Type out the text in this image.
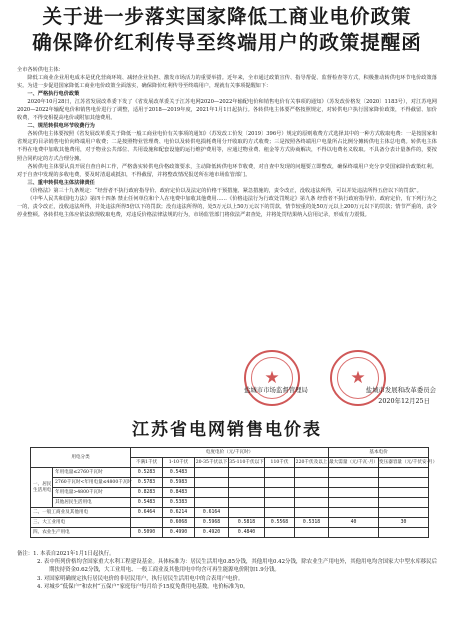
关于进一步落实国家降低工商业电价政策
确保降价红利传导至终端用户的政策提醒函

全市各转供电主体：

降低工商业企业用电成本是优化营商环境、减轻企业负担、激发市场活力的重要举措。近年来，全市通过政策宣传、指导帮促、监督检查等方式，积极推动转供电环节电价政策落实。为进一步促进国家降低工商业电价政策全面落实，确保降价红利传导至终端用户，现就有关事项提醒如下：

一、严格执行电价政策

2020年10月28日，江苏省发展改革委下发了《省发展改革委关于江苏电网2020—2022年输配电价和销售电价有关事项的通知》（苏发改价格发〔2020〕1183号），对江苏电网2020—2022年输配电价和销售电价进行了调整，适用于2018—2019年度，2021年1月1日起执行。各转供电主体要严格按照规定，对转供电户执行国家降价政策，不得截留、加价收费，不得变相提高电价或附加其他费用。

二、规范转供电环节收费行为

各转供电主体要按照《省发展改革委关于降低一般工商业电价有关事项的通知》（苏发改工价发〔2019〕396号）规定的原则收费方式选择其中的一种方式收取电费：一是按国家和省规定的目录销售电价向终端用户收费；二是按照物业管理费、电价以及转供电损耗费用分开收取的方式收费；三是按照各终端用户电量所占比例分摊转供电主体总电费。转供电主体不得在电费中加收其他费用，对于物业公共部位、共用设施和配套设施的运行维护费用等，应通过物业费、租金等方式协商解决，不得以电费名义收取。不具备分表计量条件的，要按照合同约定的方式合理分摊。

各转供电主体要认真开展自查自纠工作，严格落实转供电价格政策要求，主动降低转供电环节收费，对自查中发现的问题要立即整改，确保终端用户充分享受国家降价政策红利。对于自查中发现的多收电费，要及时清退或抵扣，不得截留，并将整改情况报送所在地市场监管部门。

三、重申转供电主体法律责任

《价格法》第三十九条规定：“经营者不执行政府指导价、政府定价以及法定的价格干预措施、紧急措施的，责令改正，没收违法所得，可以并处违法所得五倍以下的罚款”。

《中华人民共和国电力法》第四十四条 禁止任何单位和个人在电费中加收其他费用……《价格违法行为行政处罚规定》第九条 经营者不执行政府指导价、政府定价，有下列行为之一的，责令改正，没收违法所得，并处违法所得5倍以下的罚款；没有违法所得的，处5万元以上50万元以下的罚款，情节较重的处50万元以上200万元以下的罚款；情节严重的，责令停业整顿。各转供电主体应依法依规收取电费，对违反价格法律法规的行为，市场监管部门将依法严肃查处，并将处罚结果纳入信用记录，形成有力震慑。

★	★
盐城市市场监督管理局	盐城市发展和改革委员会
2020年12月25日
江苏省电网销售电价表
用电分类		电度电价（元/千瓦时）						基本电价	
		不满1千伏	1-10千伏	20-35千伏以下	35-110千伏以下	110千伏	220千伏及以上	最大需量（元/千瓦·月）	变压器容量（元/千伏安·月）
一、居民生活用电	年用电量≤2760千瓦时	0.5283	0.5483						
	2760千瓦时<年用电量≤4800千瓦时	0.5783	0.5983						
	年用电量>4800千瓦时	0.8283	0.8483						
	其他居民生活用电	0.5483	0.5383						
二、一般工商业及其他用电		0.6464	0.6214	0.6164					
三、大工业用电			0.6068	0.5968	0.5818	0.5568	0.5318	40	30
四、农业生产用电		0.5090	0.4990	0.4920	0.4840				

备注：1. 本表自2021年1月1日起执行。

2. 表中所列价格均含国家重大水利工程建设基金。具体标准为：居民生活用电0.85分钱，其他用电0.42分钱，除农业生产用电外，其他用电均含国家大中型水库移民后期扶持资金0.62分钱，大工业用电、一般工商业及其他用电中均含可再生能源电价附加1.9分钱。

3. 对国家明确规定执行居民电价的非居民用户，执行居民生活用电中的合表用户电价。

4. 对城乡“低保户”和农村“五保户”家庭每户每月给予15度免费用电基数。电价标准为0。
